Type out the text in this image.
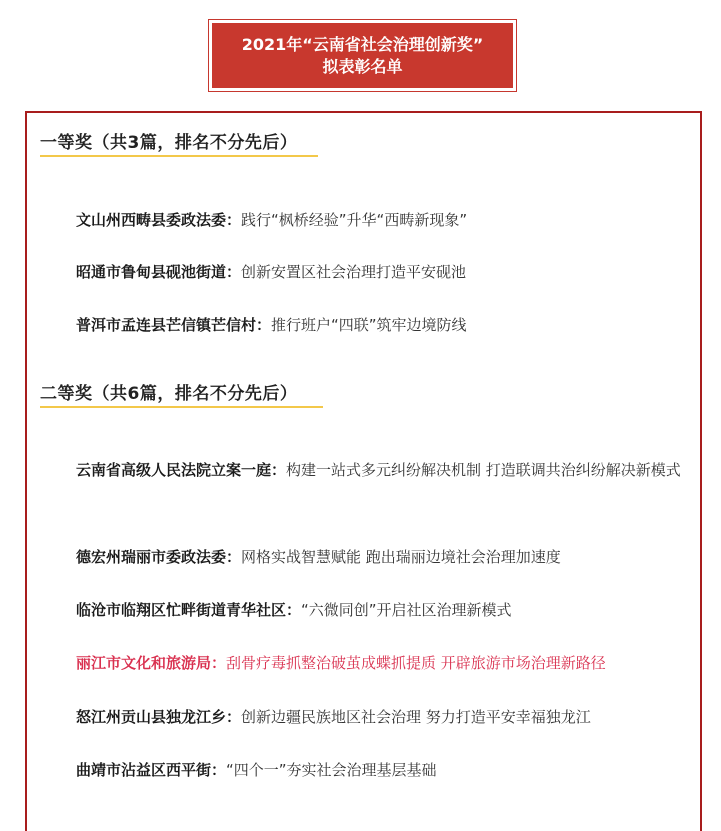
2021年“云南省社会治理创新奖”
拟表彰名单
一等奖（共3篇，排名不分先后）
文山州西畴县委政法委：践行“枫桥经验”升华“西畴新现象”
昭通市鲁甸县砚池街道：创新安置区社会治理打造平安砚池
普洱市孟连县芒信镇芒信村：推行班户“四联”筑牢边境防线
二等奖（共6篇，排名不分先后）
云南省高级人民法院立案一庭：构建一站式多元纠纷解决机制 打造联调共治纠纷解决新模式
德宏州瑞丽市委政法委：网格实战智慧赋能 跑出瑞丽边境社会治理加速度
临沧市临翔区忙畔街道青华社区：“六微同创”开启社区治理新模式
丽江市文化和旅游局：刮骨疗毒抓整治破茧成蝶抓提质 开辟旅游市场治理新路径
怒江州贡山县独龙江乡：创新边疆民族地区社会治理 努力打造平安幸福独龙江
曲靖市沾益区西平街：“四个一”夯实社会治理基层基础
